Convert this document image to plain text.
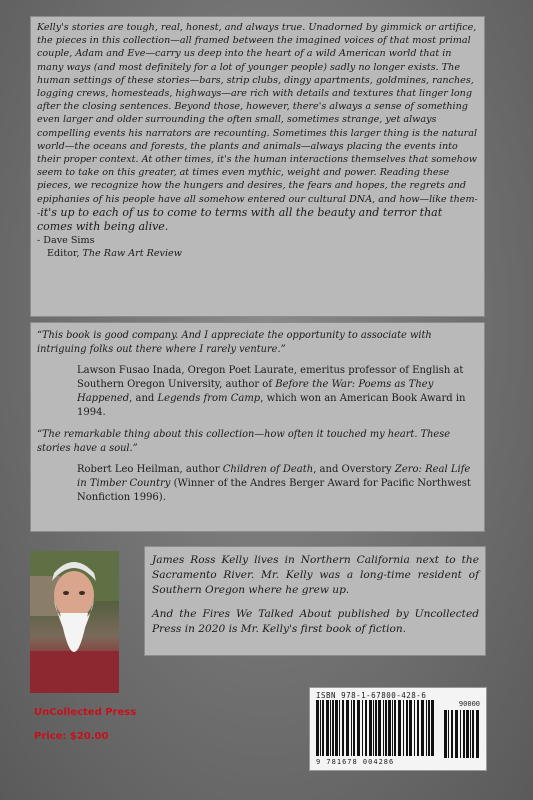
Kelly's stories are tough, real, honest, and always true. Unadorned by gimmick or artifice, the pieces in this collection—all framed between the imagined voices of that most primal couple, Adam and Eve—carry us deep into the heart of a wild American world that in many ways (and most definitely for a lot of younger people) sadly no longer exists. The human settings of these stories—bars, strip clubs, dingy apartments, goldmines, ranches, logging crews, homesteads, highways—are rich with details and textures that linger long after the closing sentences. Beyond those, however, there's always a sense of something even larger and older surrounding the often small, sometimes strange, yet always compelling events his narrators are recounting. Sometimes this larger thing is the natural world—the oceans and forests, the plants and animals—always placing the events into their proper context. At other times, it's the human interactions themselves that somehow seem to take on this greater, at times even mythic, weight and power. Reading these pieces, we recognize how the hungers and desires, the fears and hopes, the regrets and epiphanies of his people have all somehow entered our cultural DNA, and how—like them--it's up to each of us to come to terms with all the beauty and terror that comes with being alive.

- Dave Sims

Editor, The Raw Art Review

“This book is good company. And I appreciate the opportunity to associate with intriguing folks out there where I rarely venture.”

Lawson Fusao Inada, Oregon Poet Laurate, emeritus professor of English at Southern Oregon University, author of Before the War: Poems as They Happened, and Legends from Camp, which won an American Book Award in 1994.

“The remarkable thing about this collection—how often it touched my heart. These stories have a soul.”

Robert Leo Heilman, author Children of Death, and Overstory Zero: Real Life in Timber Country (Winner of the Andres Berger Award for Pacific Northwest Nonfiction 1996).

James Ross Kelly lives in Northern California next to the Sacramento River. Mr. Kelly was a long-time resident of Southern Oregon where he grew up.

And the Fires We Talked About published by Uncollected Press in 2020 is Mr. Kelly's first book of fiction.

UnCollected Press
Price: $20.00
ISBN 978-1-67800-428-6
90000
9 781678 004286
